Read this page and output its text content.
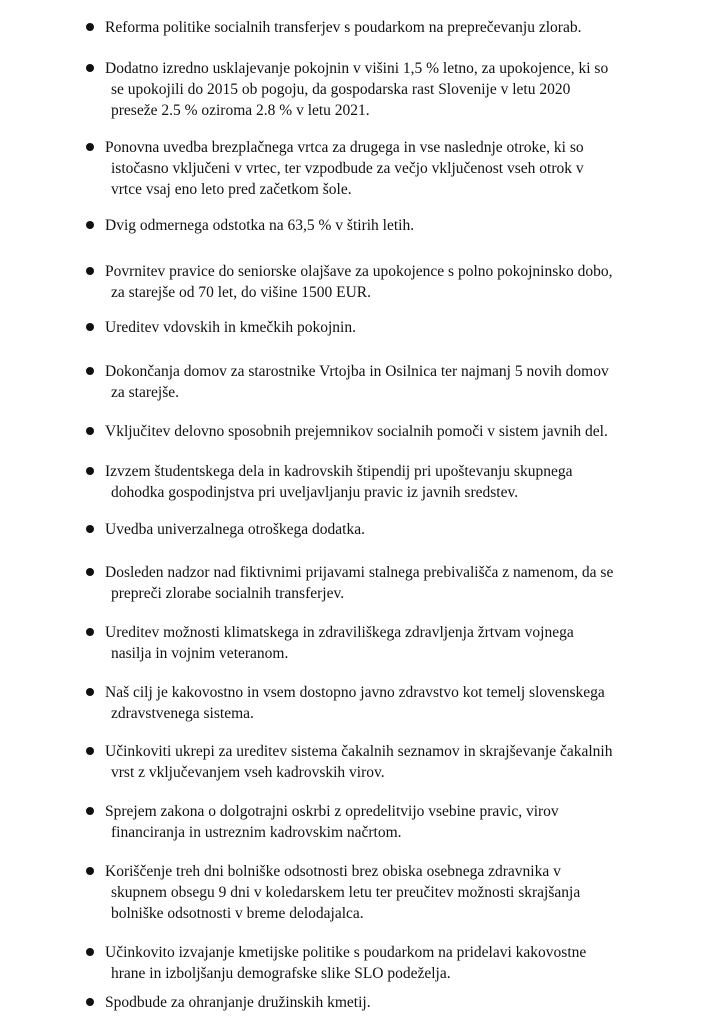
Reforma politike socialnih transferjev s poudarkom na preprečevanju zlorab.
Dodatno izredno usklajevanje pokojnin v višini 1,5 % letno, za upokojence, ki so
se upokojili do 2015 ob pogoju, da gospodarska rast Slovenije v letu 2020
preseže 2.5 % oziroma 2.8 % v letu 2021.
Ponovna uvedba brezplačnega vrtca za drugega in vse naslednje otroke, ki so
istočasno vključeni v vrtec, ter vzpodbude za večjo vključenost vseh otrok v
vrtce vsaj eno leto pred začetkom šole.
Dvig odmernega odstotka na 63,5 % v štirih letih.
Povrnitev pravice do seniorske olajšave za upokojence s polno pokojninsko dobo,
za starejše od 70 let, do višine 1500 EUR.
Ureditev vdovskih in kmečkih pokojnin.
Dokončanja domov za starostnike Vrtojba in Osilnica ter najmanj 5 novih domov
za starejše.
Vključitev delovno sposobnih prejemnikov socialnih pomoči v sistem javnih del.
Izvzem študentskega dela in kadrovskih štipendij pri upoštevanju skupnega
dohodka gospodinjstva pri uveljavljanju pravic iz javnih sredstev.
Uvedba univerzalnega otroškega dodatka.
Dosleden nadzor nad fiktivnimi prijavami stalnega prebivališča z namenom, da se
prepreči zlorabe socialnih transferjev.
Ureditev možnosti klimatskega in zdraviliškega zdravljenja žrtvam vojnega
nasilja in vojnim veteranom.
Naš cilj je kakovostno in vsem dostopno javno zdravstvo kot temelj slovenskega
zdravstvenega sistema.
Učinkoviti ukrepi za ureditev sistema čakalnih seznamov in skrajševanje čakalnih
vrst z vključevanjem vseh kadrovskih virov.
Sprejem zakona o dolgotrajni oskrbi z opredelitvijo vsebine pravic, virov
financiranja in ustreznim kadrovskim načrtom.
Koriščenje treh dni bolniške odsotnosti brez obiska osebnega zdravnika v
skupnem obsegu 9 dni v koledarskem letu ter preučitev možnosti skrajšanja
bolniške odsotnosti v breme delodajalca.
Učinkovito izvajanje kmetijske politike s poudarkom na pridelavi kakovostne
hrane in izboljšanju demografske slike SLO podeželja.
Spodbude za ohranjanje družinskih kmetij.
